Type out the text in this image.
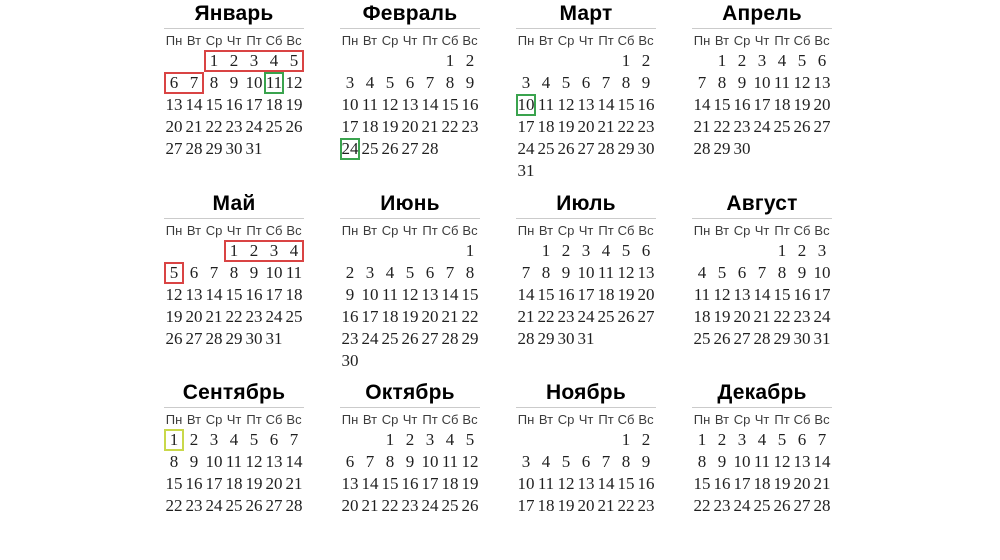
Январь
Пн Вт Ср Чт Пт Сб Вс
1 2 3 4 5
6 7 8 9 10 11 12
13 14 15 16 17 18 19
20 21 22 23 24 25 26
27 28 29 30 31
Февраль
Пн Вт Ср Чт Пт Сб Вс
1 2
3 4 5 6 7 8 9
10 11 12 13 14 15 16
17 18 19 20 21 22 23
24 25 26 27 28
Март
Пн Вт Ср Чт Пт Сб Вс
1 2
3 4 5 6 7 8 9
10 11 12 13 14 15 16
17 18 19 20 21 22 23
24 25 26 27 28 29 30
31
Апрель
Пн Вт Ср Чт Пт Сб Вс
1 2 3 4 5 6
7 8 9 10 11 12 13
14 15 16 17 18 19 20
21 22 23 24 25 26 27
28 29 30
Май
Пн Вт Ср Чт Пт Сб Вс
1 2 3 4
5 6 7 8 9 10 11
12 13 14 15 16 17 18
19 20 21 22 23 24 25
26 27 28 29 30 31
Июнь
Пн Вт Ср Чт Пт Сб Вс
1
2 3 4 5 6 7 8
9 10 11 12 13 14 15
16 17 18 19 20 21 22
23 24 25 26 27 28 29
30
Июль
Пн Вт Ср Чт Пт Сб Вс
1 2 3 4 5 6
7 8 9 10 11 12 13
14 15 16 17 18 19 20
21 22 23 24 25 26 27
28 29 30 31
Август
Пн Вт Ср Чт Пт Сб Вс
1 2 3
4 5 6 7 8 9 10
11 12 13 14 15 16 17
18 19 20 21 22 23 24
25 26 27 28 29 30 31
Сентябрь
Пн Вт Ср Чт Пт Сб Вс
1 2 3 4 5 6 7
8 9 10 11 12 13 14
15 16 17 18 19 20 21
22 23 24 25 26 27 28
Октябрь
Пн Вт Ср Чт Пт Сб Вс
1 2 3 4 5
6 7 8 9 10 11 12
13 14 15 16 17 18 19
20 21 22 23 24 25 26
Ноябрь
Пн Вт Ср Чт Пт Сб Вс
1 2
3 4 5 6 7 8 9
10 11 12 13 14 15 16
17 18 19 20 21 22 23
Декабрь
Пн Вт Ср Чт Пт Сб Вс
1 2 3 4 5 6 7
8 9 10 11 12 13 14
15 16 17 18 19 20 21
22 23 24 25 26 27 28
